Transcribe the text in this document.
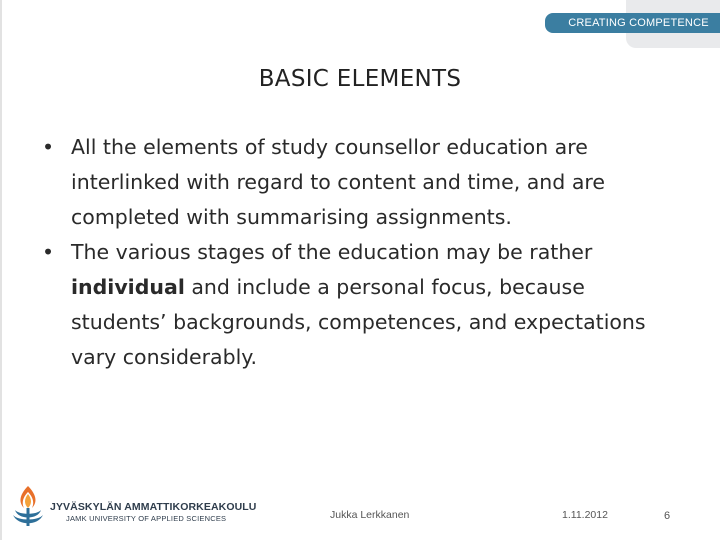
CREATING COMPETENCE
BASIC ELEMENTS
• All the elements of study counsellor education are interlinked with regard to content and time, and are completed with summarising assignments.
• The various stages of the education may be rather individual and include a personal focus, because students’ backgrounds, competences, and expectations vary considerably.
JYVÄSKYLÄN AMMATTIKORKEAKOULU
JAMK UNIVERSITY OF APPLIED SCIENCES	Jukka Lerkkanen	1.11.2012	6
